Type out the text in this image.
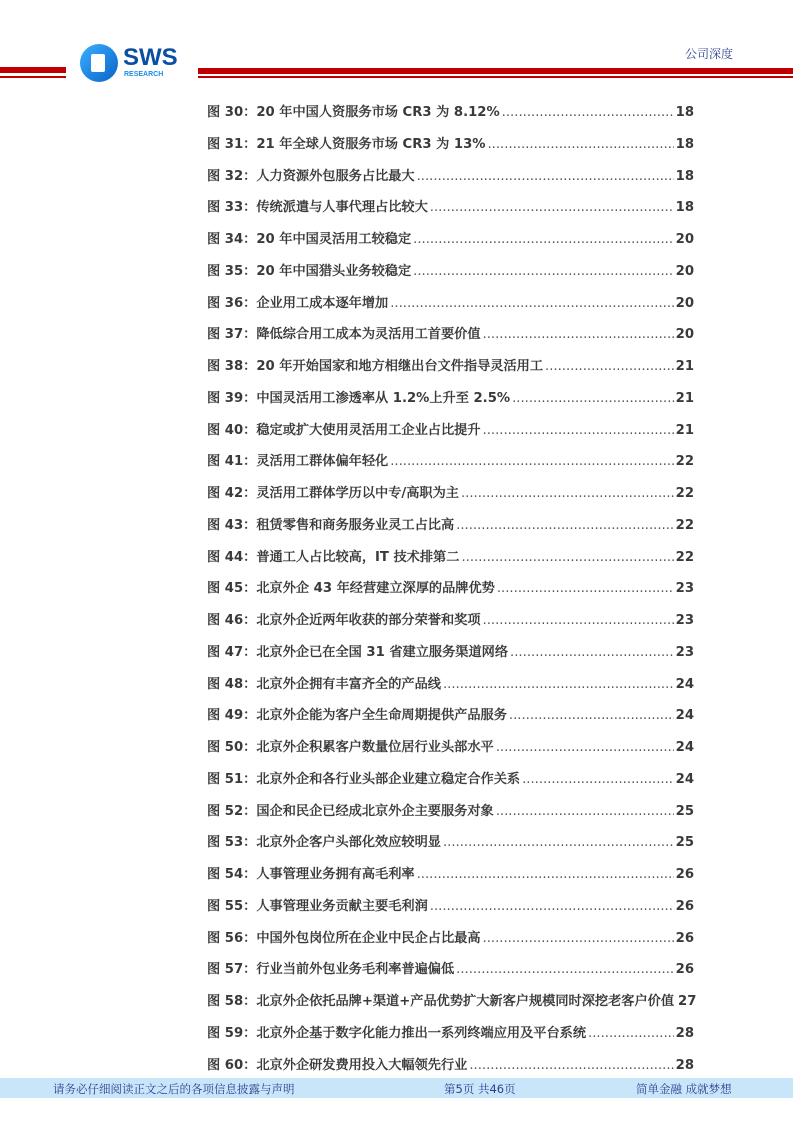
SWS
RESEARCH
公司深度
图 30：20 年中国人资服务市场 CR3 为 8.12% .....	18
图 31：21 年全球人资服务市场 CR3 为 13% .....	18
图 32：人力资源外包服务占比最大 .....	18
图 33：传统派遣与人事代理占比较大 .....	18
图 34：20 年中国灵活用工较稳定 .....	20
图 35：20 年中国猎头业务较稳定 .....	20
图 36：企业用工成本逐年增加 .....	20
图 37：降低综合用工成本为灵活用工首要价值 .....	20
图 38：20 年开始国家和地方相继出台文件指导灵活用工 .....	21
图 39：中国灵活用工渗透率从 1.2%上升至 2.5% .....	21
图 40：稳定或扩大使用灵活用工企业占比提升 .....	21
图 41：灵活用工群体偏年轻化 .....	22
图 42：灵活用工群体学历以中专/高职为主 .....	22
图 43：租赁零售和商务服务业灵工占比高 .....	22
图 44：普通工人占比较高，IT 技术排第二 .....	22
图 45：北京外企 43 年经营建立深厚的品牌优势 .....	23
图 46：北京外企近两年收获的部分荣誉和奖项 .....	23
图 47：北京外企已在全国 31 省建立服务渠道网络 .....	23
图 48：北京外企拥有丰富齐全的产品线 .....	24
图 49：北京外企能为客户全生命周期提供产品服务 .....	24
图 50：北京外企积累客户数量位居行业头部水平 .....	24
图 51：北京外企和各行业头部企业建立稳定合作关系 .....	24
图 52：国企和民企已经成北京外企主要服务对象 .....	25
图 53：北京外企客户头部化效应较明显 .....	25
图 54：人事管理业务拥有高毛利率 .....	26
图 55：人事管理业务贡献主要毛利润 .....	26
图 56：中国外包岗位所在企业中民企占比最高 .....	26
图 57：行业当前外包业务毛利率普遍偏低 .....	26
图 58：北京外企依托品牌+渠道+产品优势扩大新客户规模同时深挖老客户价值 27
图 59：北京外企基于数字化能力推出一系列终端应用及平台系统 .....	28
图 60：北京外企研发费用投入大幅领先行业 .....	28
请务必仔细阅读正文之后的各项信息披露与声明	第5页 共46页	简单金融 成就梦想
